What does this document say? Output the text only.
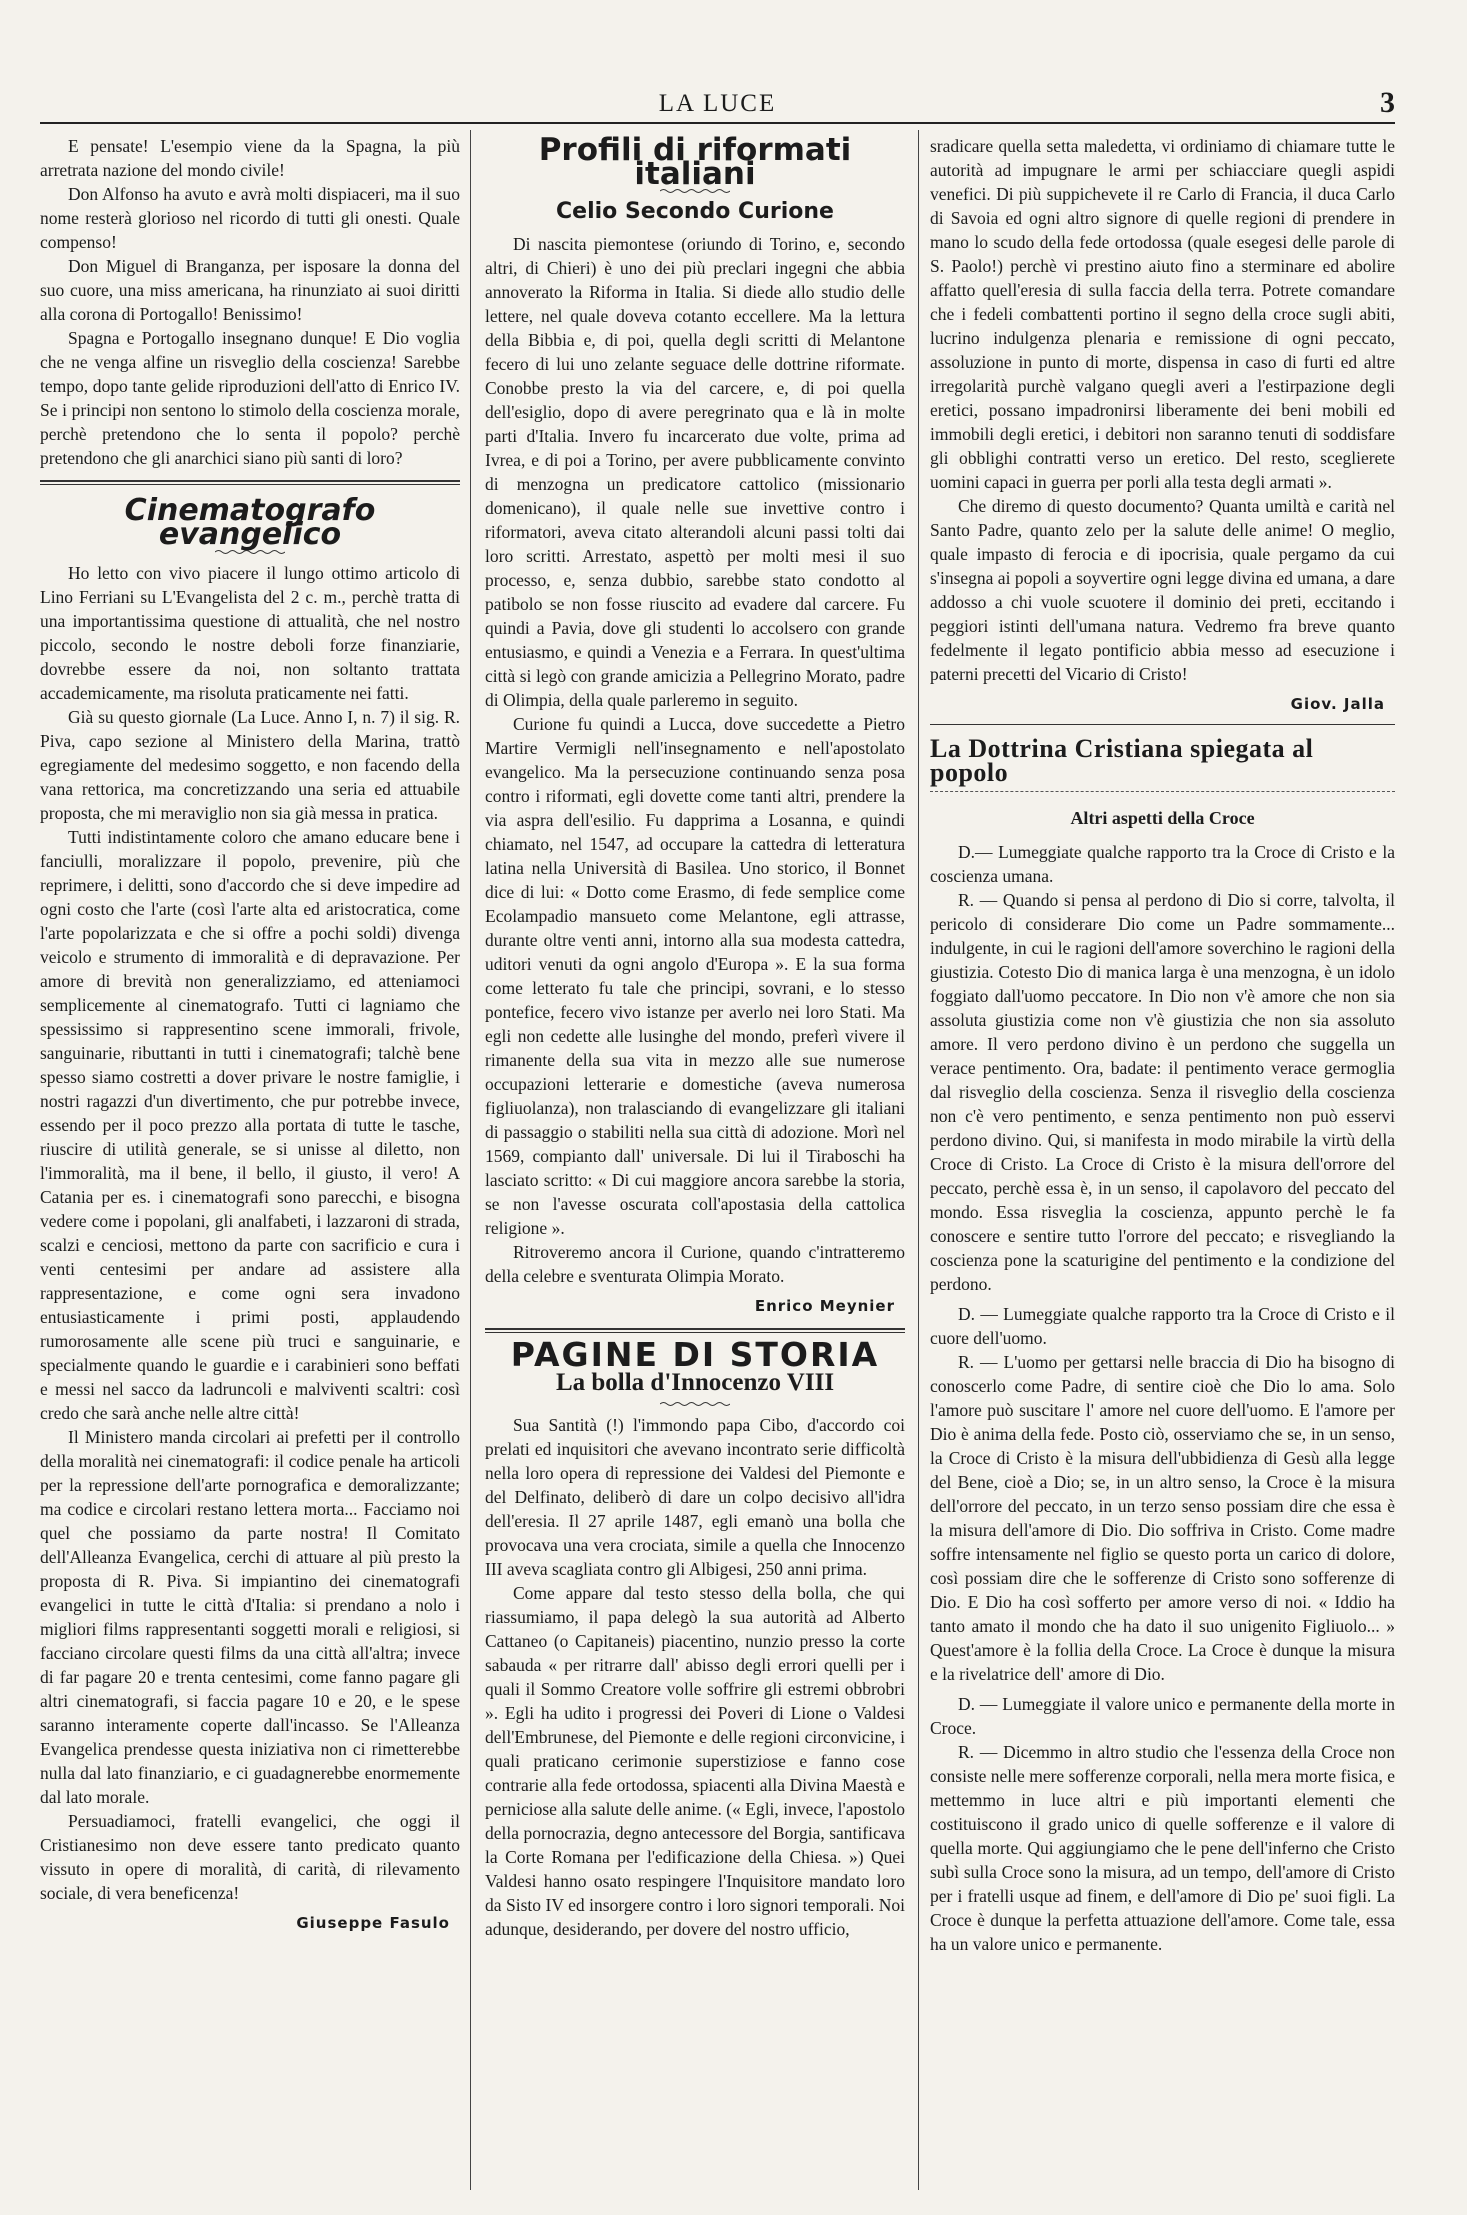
LA LUCE	3

E pensate! L'esempio viene da la Spagna, la più arretrata nazione del mondo civile!

Don Alfonso ha avuto e avrà molti dispiaceri, ma il suo nome resterà glorioso nel ricordo di tutti gli onesti. Quale compenso!

Don Miguel di Branganza, per isposare la donna del suo cuore, una miss americana, ha rinunziato ai suoi diritti alla corona di Portogallo! Benissimo!

Spagna e Portogallo insegnano dunque! E Dio voglia che ne venga alfine un risveglio della coscienza! Sarebbe tempo, dopo tante gelide riproduzioni dell'atto di Enrico IV. Se i principi non sentono lo stimolo della coscienza morale, perchè pretendono che lo senta il popolo? perchè pretendono che gli anarchici siano più santi di loro?

Cinematografo evangelico

Ho letto con vivo piacere il lungo ottimo articolo di Lino Ferriani su L'Evangelista del 2 c. m., perchè tratta di una importantissima questione di attualità, che nel nostro piccolo, secondo le nostre deboli forze finanziarie, dovrebbe essere da noi, non soltanto trattata accademicamente, ma risoluta praticamente nei fatti.

Già su questo giornale (La Luce. Anno I, n. 7) il sig. R. Piva, capo sezione al Ministero della Marina, trattò egregiamente del medesimo soggetto, e non facendo della vana rettorica, ma concretizzando una seria ed attuabile proposta, che mi meraviglio non sia già messa in pratica.

Tutti indistintamente coloro che amano educare bene i fanciulli, moralizzare il popolo, prevenire, più che reprimere, i delitti, sono d'accordo che si deve impedire ad ogni costo che l'arte (così l'arte alta ed aristocratica, come l'arte popolarizzata e che si offre a pochi soldi) divenga veicolo e strumento di immoralità e di depravazione. Per amore di brevità non generalizziamo, ed atteniamoci semplicemente al cinematografo. Tutti ci lagniamo che spessissimo si rappresentino scene immorali, frivole, sanguinarie, ributtanti in tutti i cinematografi; talchè bene spesso siamo costretti a dover privare le nostre famiglie, i nostri ragazzi d'un divertimento, che pur potrebbe invece, essendo per il poco prezzo alla portata di tutte le tasche, riuscire di utilità generale, se si unisse al diletto, non l'immoralità, ma il bene, il bello, il giusto, il vero! A Catania per es. i cinematografi sono parecchi, e bisogna vedere come i popolani, gli analfabeti, i lazzaroni di strada, scalzi e cenciosi, mettono da parte con sacrificio e cura i venti centesimi per andare ad assistere alla rappresentazione, e come ogni sera invadono entusiasticamente i primi posti, applaudendo rumorosamente alle scene più truci e sanguinarie, e specialmente quando le guardie e i carabinieri sono beffati e messi nel sacco da ladruncoli e malviventi scaltri: così credo che sarà anche nelle altre città!

Il Ministero manda circolari ai prefetti per il controllo della moralità nei cinematografi: il codice penale ha articoli per la repressione dell'arte pornografica e demoralizzante; ma codice e circolari restano lettera morta... Facciamo noi quel che possiamo da parte nostra! Il Comitato dell'Alleanza Evangelica, cerchi di attuare al più presto la proposta di R. Piva. Si impiantino dei cinematografi evangelici in tutte le città d'Italia: si prendano a nolo i migliori films rappresentanti soggetti morali e religiosi, si facciano circolare questi films da una città all'altra; invece di far pagare 20 e trenta centesimi, come fanno pagare gli altri cinematografi, si faccia pagare 10 e 20, e le spese saranno interamente coperte dall'incasso. Se l'Alleanza Evangelica prendesse questa iniziativa non ci rimetterebbe nulla dal lato finanziario, e ci guadagnerebbe enormemente dal lato morale.

Persuadiamoci, fratelli evangelici, che oggi il Cristianesimo non deve essere tanto predicato quanto vissuto in opere di moralità, di carità, di rilevamento sociale, di vera beneficenza!

Giuseppe Fasulo
Profili di riformati italiani
Celio Secondo Curione

Di nascita piemontese (oriundo di Torino, e, secondo altri, di Chieri) è uno dei più preclari ingegni che abbia annoverato la Riforma in Italia. Si diede allo studio delle lettere, nel quale doveva cotanto eccellere. Ma la lettura della Bibbia e, di poi, quella degli scritti di Melantone fecero di lui uno zelante seguace delle dottrine riformate. Conobbe presto la via del carcere, e, di poi quella dell'esiglio, dopo di avere peregrinato qua e là in molte parti d'Italia. Invero fu incarcerato due volte, prima ad Ivrea, e di poi a Torino, per avere pubblicamente convinto di menzogna un predicatore cattolico (missionario domenicano), il quale nelle sue invettive contro i riformatori, aveva citato alterandoli alcuni passi tolti dai loro scritti. Arrestato, aspettò per molti mesi il suo processo, e, senza dubbio, sarebbe stato condotto al patibolo se non fosse riuscito ad evadere dal carcere. Fu quindi a Pavia, dove gli studenti lo accolsero con grande entusiasmo, e quindi a Venezia e a Ferrara. In quest'ultima città si legò con grande amicizia a Pellegrino Morato, padre di Olimpia, della quale parleremo in seguito.

Curione fu quindi a Lucca, dove succedette a Pietro Martire Vermigli nell'insegnamento e nell'apostolato evangelico. Ma la persecuzione continuando senza posa contro i riformati, egli dovette come tanti altri, prendere la via aspra dell'esilio. Fu dapprima a Losanna, e quindi chiamato, nel 1547, ad occupare la cattedra di letteratura latina nella Università di Basilea. Uno storico, il Bonnet dice di lui: « Dotto come Erasmo, di fede semplice come Ecolampadio mansueto come Melantone, egli attrasse, durante oltre venti anni, intorno alla sua modesta cattedra, uditori venuti da ogni angolo d'Europa ». E la sua forma come letterato fu tale che principi, sovrani, e lo stesso pontefice, fecero vivo istanze per averlo nei loro Stati. Ma egli non cedette alle lusinghe del mondo, preferì vivere il rimanente della sua vita in mezzo alle sue numerose occupazioni letterarie e domestiche (aveva numerosa figliuolanza), non tralasciando di evangelizzare gli italiani di passaggio o stabiliti nella sua città di adozione. Morì nel 1569, compianto dall' universale. Di lui il Tiraboschi ha lasciato scritto: « Di cui maggiore ancora sarebbe la storia, se non l'avesse oscurata coll'apostasia della cattolica religione ».

Ritroveremo ancora il Curione, quando c'intratteremo della celebre e sventurata Olimpia Morato.

Enrico Meynier
PAGINE DI STORIA
La bolla d'Innocenzo VIII

Sua Santità (!) l'immondo papa Cibo, d'accordo coi prelati ed inquisitori che avevano incontrato serie difficoltà nella loro opera di repressione dei Valdesi del Piemonte e del Delfinato, deliberò di dare un colpo decisivo all'idra dell'eresia. Il 27 aprile 1487, egli emanò una bolla che provocava una vera crociata, simile a quella che Innocenzo III aveva scagliata contro gli Albigesi, 250 anni prima.

Come appare dal testo stesso della bolla, che qui riassumiamo, il papa delegò la sua autorità ad Alberto Cattaneo (o Capitaneis) piacentino, nunzio presso la corte sabauda « per ritrarre dall' abisso degli errori quelli per i quali il Sommo Creatore volle soffrire gli estremi obbrobri ». Egli ha udito i progressi dei Poveri di Lione o Valdesi dell'Embrunese, del Piemonte e delle regioni circonvicine, i quali praticano cerimonie superstiziose e fanno cose contrarie alla fede ortodossa, spiacenti alla Divina Maestà e perniciose alla salute delle anime. (« Egli, invece, l'apostolo della pornocrazia, degno antecessore del Borgia, santificava la Corte Romana per l'edificazione della Chiesa. ») Quei Valdesi hanno osato respingere l'Inquisitore mandato loro da Sisto IV ed insorgere contro i loro signori temporali. Noi adunque, desiderando, per dovere del nostro ufficio,

sradicare quella setta maledetta, vi ordiniamo di chiamare tutte le autorità ad impugnare le armi per schiacciare quegli aspidi venefici. Di più suppichevete il re Carlo di Francia, il duca Carlo di Savoia ed ogni altro signore di quelle regioni di prendere in mano lo scudo della fede ortodossa (quale esegesi delle parole di S. Paolo!) perchè vi prestino aiuto fino a sterminare ed abolire affatto quell'eresia di sulla faccia della terra. Potrete comandare che i fedeli combattenti portino il segno della croce sugli abiti, lucrino indulgenza plenaria e remissione di ogni peccato, assoluzione in punto di morte, dispensa in caso di furti ed altre irregolarità purchè valgano quegli averi a l'estirpazione degli eretici, possano impadronirsi liberamente dei beni mobili ed immobili degli eretici, i debitori non saranno tenuti di soddisfare gli obblighi contratti verso un eretico. Del resto, sceglierete uomini capaci in guerra per porli alla testa degli armati ».

Che diremo di questo documento? Quanta umiltà e carità nel Santo Padre, quanto zelo per la salute delle anime! O meglio, quale impasto di ferocia e di ipocrisia, quale pergamo da cui s'insegna ai popoli a soyvertire ogni legge divina ed umana, a dare addosso a chi vuole scuotere il dominio dei preti, eccitando i peggiori istinti dell'umana natura. Vedremo fra breve quanto fedelmente il legato pontificio abbia messo ad esecuzione i paterni precetti del Vicario di Cristo!

Giov. Jalla
La Dottrina Cristiana spiegata al popolo
Altri aspetti della Croce

D.— Lumeggiate qualche rapporto tra la Croce di Cristo e la coscienza umana.

R. — Quando si pensa al perdono di Dio si corre, talvolta, il pericolo di considerare Dio come un Padre sommamente... indulgente, in cui le ragioni dell'amore soverchino le ragioni della giustizia. Cotesto Dio di manica larga è una menzogna, è un idolo foggiato dall'uomo peccatore. In Dio non v'è amore che non sia assoluta giustizia come non v'è giustizia che non sia assoluto amore. Il vero perdono divino è un perdono che suggella un verace pentimento. Ora, badate: il pentimento verace germoglia dal risveglio della coscienza. Senza il risveglio della coscienza non c'è vero pentimento, e senza pentimento non può esservi perdono divino. Qui, si manifesta in modo mirabile la virtù della Croce di Cristo. La Croce di Cristo è la misura dell'orrore del peccato, perchè essa è, in un senso, il capolavoro del peccato del mondo. Essa risveglia la coscienza, appunto perchè le fa conoscere e sentire tutto l'orrore del peccato; e risvegliando la coscienza pone la scaturigine del pentimento e la condizione del perdono.

D. — Lumeggiate qualche rapporto tra la Croce di Cristo e il cuore dell'uomo.

R. — L'uomo per gettarsi nelle braccia di Dio ha bisogno di conoscerlo come Padre, di sentire cioè che Dio lo ama. Solo l'amore può suscitare l' amore nel cuore dell'uomo. E l'amore per Dio è anima della fede. Posto ciò, osserviamo che se, in un senso, la Croce di Cristo è la misura dell'ubbidienza di Gesù alla legge del Bene, cioè a Dio; se, in un altro senso, la Croce è la misura dell'orrore del peccato, in un terzo senso possiam dire che essa è la misura dell'amore di Dio. Dio soffriva in Cristo. Come madre soffre intensamente nel figlio se questo porta un carico di dolore, così possiam dire che le sofferenze di Cristo sono sofferenze di Dio. E Dio ha così sofferto per amore verso di noi. « Iddio ha tanto amato il mondo che ha dato il suo unigenito Figliuolo... » Quest'amore è la follia della Croce. La Croce è dunque la misura e la rivelatrice dell' amore di Dio.

D. — Lumeggiate il valore unico e permanente della morte in Croce.

R. — Dicemmo in altro studio che l'essenza della Croce non consiste nelle mere sofferenze corporali, nella mera morte fisica, e mettemmo in luce altri e più importanti elementi che costituiscono il grado unico di quelle sofferenze e il valore di quella morte. Qui aggiungiamo che le pene dell'inferno che Cristo subì sulla Croce sono la misura, ad un tempo, dell'amore di Cristo per i fratelli usque ad finem, e dell'amore di Dio pe' suoi figli. La Croce è dunque la perfetta attuazione dell'amore. Come tale, essa ha un valore unico e permanente.
